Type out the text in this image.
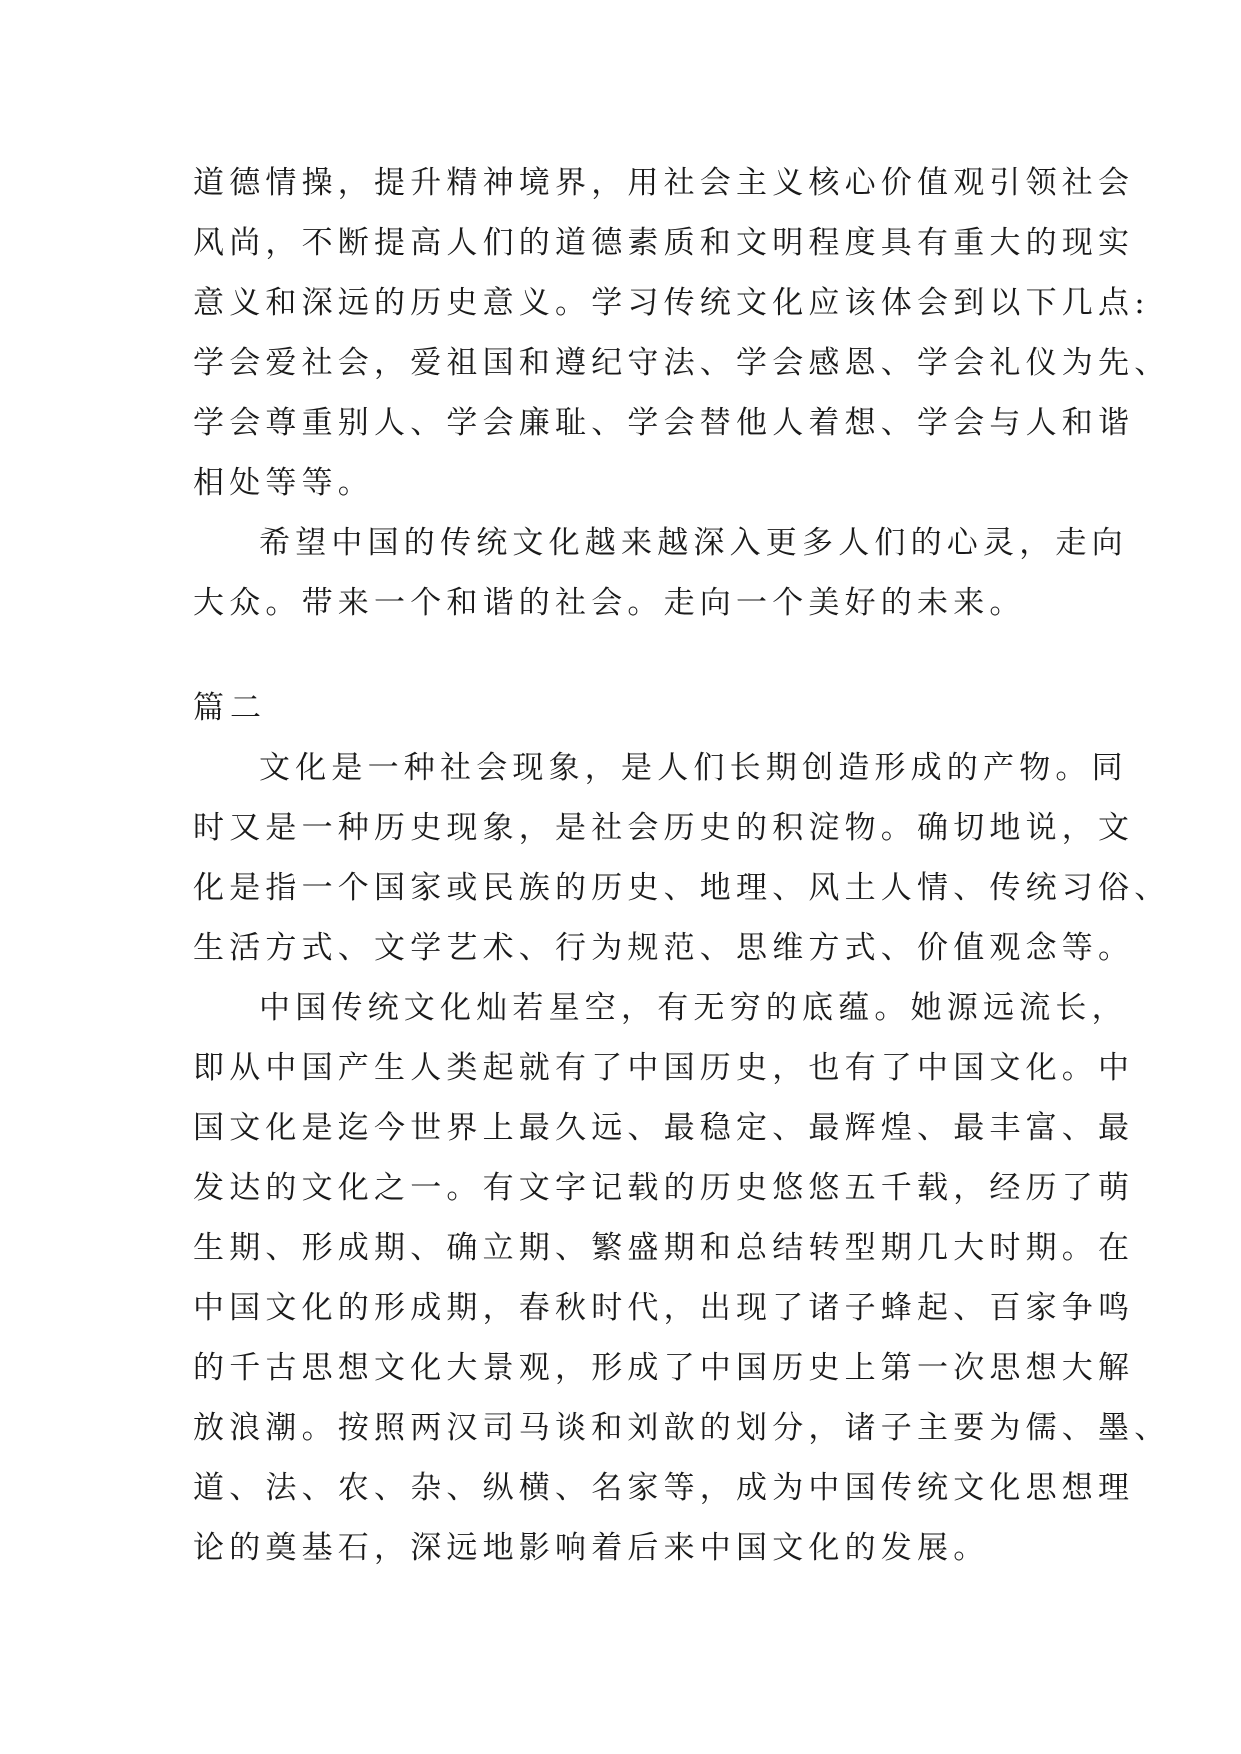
道德情操，提升精神境界，用社会主义核心价值观引领社会
风尚，不断提高人们的道德素质和文明程度具有重大的现实
意义和深远的历史意义。学习传统文化应该体会到以下几点:
学会爱社会，爱祖国和遵纪守法、学会感恩、学会礼仪为先、
学会尊重别人、学会廉耻、学会替他人着想、学会与人和谐
相处等等。
希望中国的传统文化越来越深入更多人们的心灵，走向
大众。带来一个和谐的社会。走向一个美好的未来。
篇二
文化是一种社会现象，是人们长期创造形成的产物。同
时又是一种历史现象，是社会历史的积淀物。确切地说，文
化是指一个国家或民族的历史、地理、风土人情、传统习俗、
生活方式、文学艺术、行为规范、思维方式、价值观念等。
中国传统文化灿若星空，有无穷的底蕴。她源远流长，
即从中国产生人类起就有了中国历史，也有了中国文化。中
国文化是迄今世界上最久远、最稳定、最辉煌、最丰富、最
发达的文化之一。有文字记载的历史悠悠五千载，经历了萌
生期、形成期、确立期、繁盛期和总结转型期几大时期。在
中国文化的形成期，春秋时代，出现了诸子蜂起、百家争鸣
的千古思想文化大景观，形成了中国历史上第一次思想大解
放浪潮。按照两汉司马谈和刘歆的划分，诸子主要为儒、墨、
道、法、农、杂、纵横、名家等，成为中国传统文化思想理
论的奠基石，深远地影响着后来中国文化的发展。
